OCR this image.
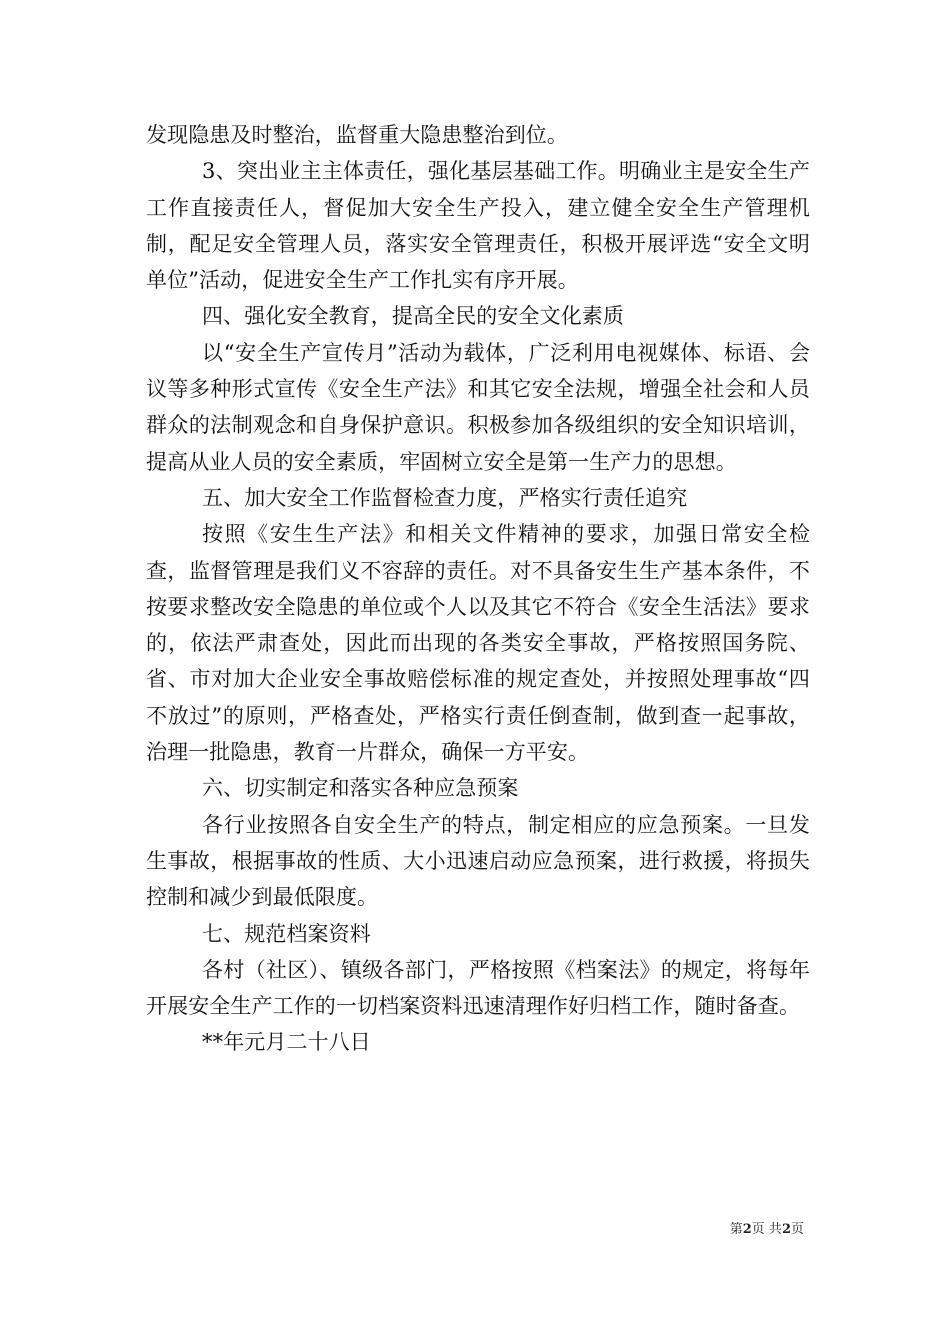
发现隐患及时整治，监督重大隐患整治到位。

3、突出业主主体责任，强化基层基础工作。明确业主是安全生产工作直接责任人，督促加大安全生产投入，建立健全安全生产管理机制，配足安全管理人员，落实安全管理责任，积极开展评选“安全文明单位”活动，促进安全生产工作扎实有序开展。

四、强化安全教育，提高全民的安全文化素质

以“安全生产宣传月”活动为载体，广泛利用电视媒体、标语、会议等多种形式宣传《安全生产法》和其它安全法规，增强全社会和人员群众的法制观念和自身保护意识。积极参加各级组织的安全知识培训，提高从业人员的安全素质，牢固树立安全是第一生产力的思想。

五、加大安全工作监督检查力度，严格实行责任追究

按照《安生生产法》和相关文件精神的要求，加强日常安全检查，监督管理是我们义不容辞的责任。对不具备安生生产基本条件，不按要求整改安全隐患的单位或个人以及其它不符合《安全生活法》要求的，依法严肃查处，因此而出现的各类安全事故，严格按照国务院、省、市对加大企业安全事故赔偿标准的规定查处，并按照处理事故“四不放过”的原则，严格查处，严格实行责任倒查制，做到查一起事故，治理一批隐患，教育一片群众，确保一方平安。

六、切实制定和落实各种应急预案

各行业按照各自安全生产的特点，制定相应的应急预案。一旦发生事故，根据事故的性质、大小迅速启动应急预案，进行救援，将损失控制和减少到最低限度。

七、规范档案资料

各村（社区）、镇级各部门，严格按照《档案法》的规定，将每年开展安全生产工作的一切档案资料迅速清理作好归档工作，随时备查。

**年元月二十八日

第2页 共2页
